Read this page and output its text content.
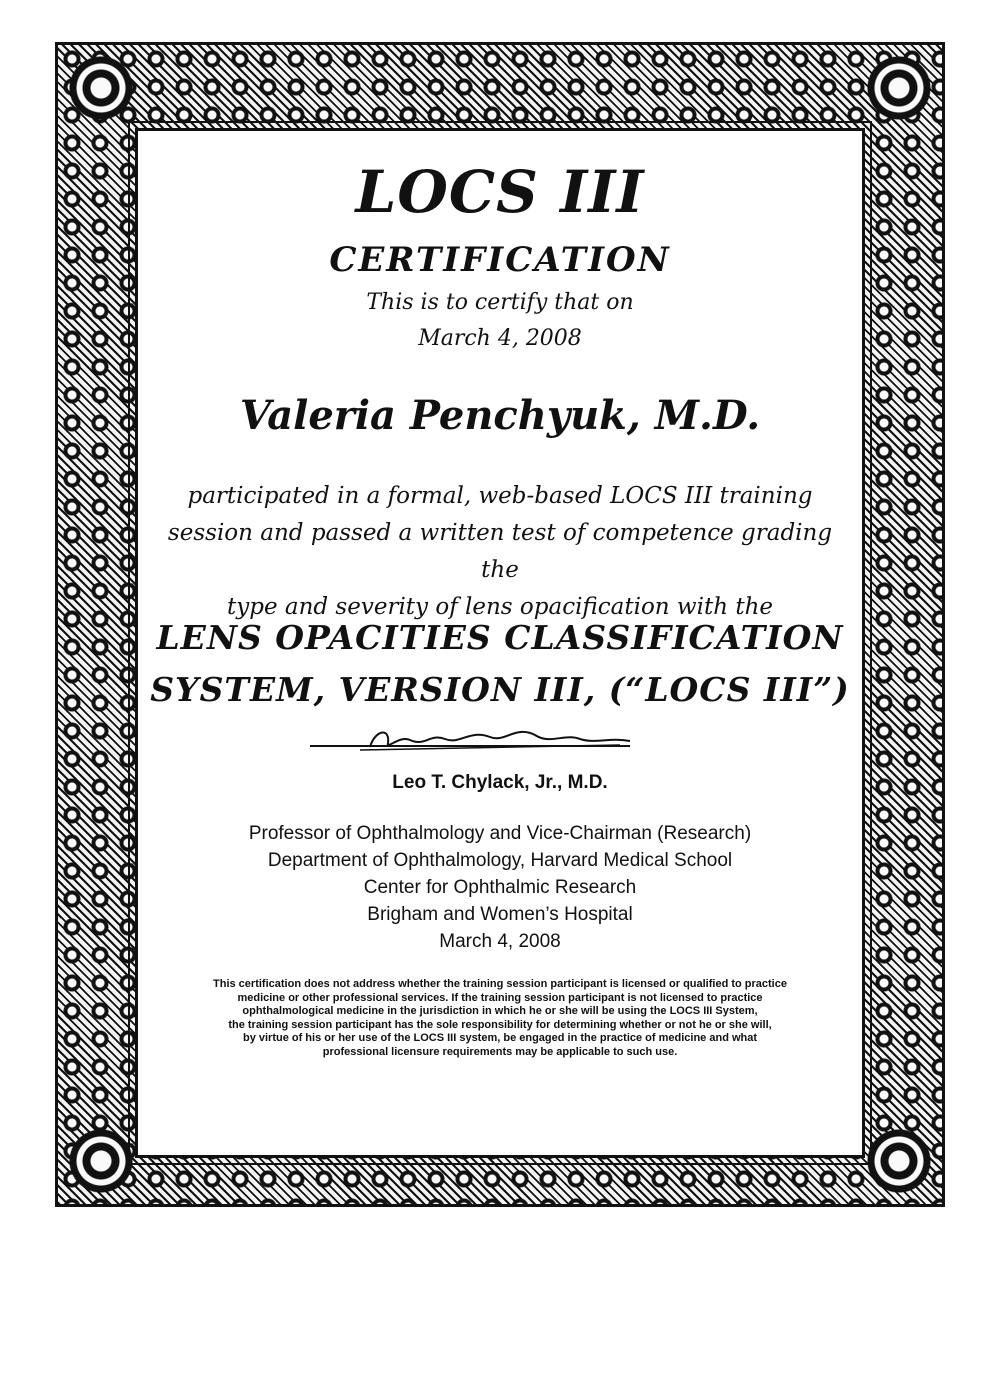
LOCS III
CERTIFICATION

This is to certify that on

March 4, 2008

Valeria Penchyuk, M.D.

participated in a formal, web-based LOCS III training
session and passed a written test of competence grading the
type and severity of lens opacification with the
LENS OPACITIES CLASSIFICATION
SYSTEM, VERSION III, (“LOCS III”)

Leo T. Chylack, Jr., M.D.

Professor of Ophthalmology and Vice-Chairman (Research)
Department of Ophthalmology, Harvard Medical School
Center for Ophthalmic Research
Brigham and Women’s Hospital
March 4, 2008
This certification does not address whether the training session participant is licensed or qualified to practice
medicine or other professional services. If the training session participant is not licensed to practice
ophthalmological medicine in the jurisdiction in which he or she will be using the LOCS III System,
the training session participant has the sole responsibility for determining whether or not he or she will,
by virtue of his or her use of the LOCS III system, be engaged in the practice of medicine and what
professional licensure requirements may be applicable to such use.
